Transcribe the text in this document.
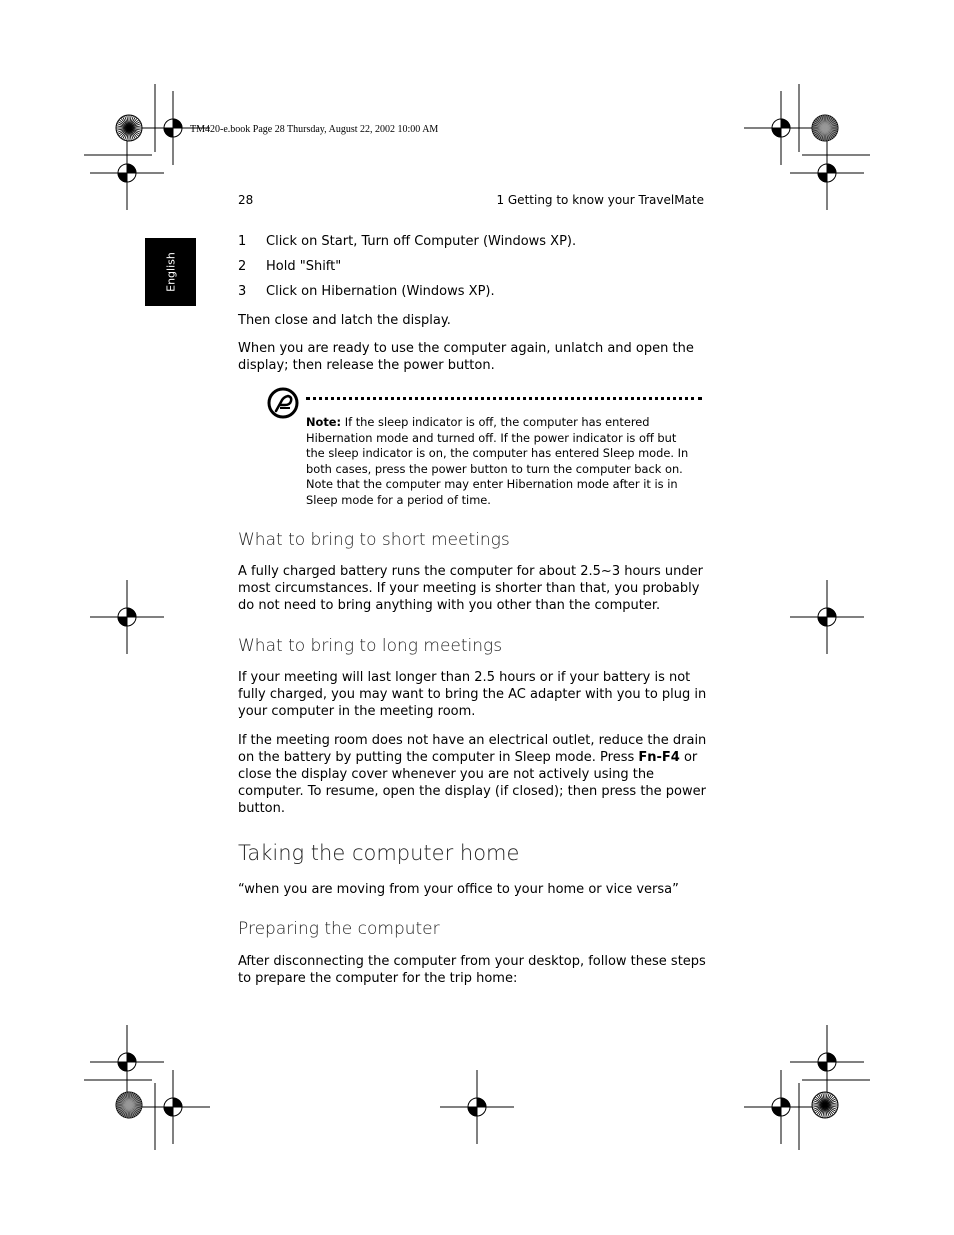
TM420-e.book Page 28 Thursday, August 22, 2002 10:00 AM
28	1 Getting to know your TravelMate
English
1 Click on Start, Turn off Computer (Windows XP).
2 Hold "Shift"
3 Click on Hibernation (Windows XP).
Then close and latch the display.
When you are ready to use the computer again, unlatch and open the display; then release the power button.
Note: If the sleep indicator is off, the computer has entered Hibernation mode and turned off. If the power indicator is off but the sleep indicator is on, the computer has entered Sleep mode. In both cases, press the power button to turn the computer back on. Note that the computer may enter Hibernation mode after it is in Sleep mode for a period of time.
What to bring to short meetings
A fully charged battery runs the computer for about 2.5~3 hours under most circumstances. If your meeting is shorter than that, you probably do not need to bring anything with you other than the computer.
What to bring to long meetings
If your meeting will last longer than 2.5 hours or if your battery is not fully charged, you may want to bring the AC adapter with you to plug in your computer in the meeting room.
If the meeting room does not have an electrical outlet, reduce the drain on the battery by putting the computer in Sleep mode. Press Fn-F4 or close the display cover whenever you are not actively using the computer. To resume, open the display (if closed); then press the power button.
Taking the computer home
“when you are moving from your office to your home or vice versa”
Preparing the computer
After disconnecting the computer from your desktop, follow these steps to prepare the computer for the trip home:
